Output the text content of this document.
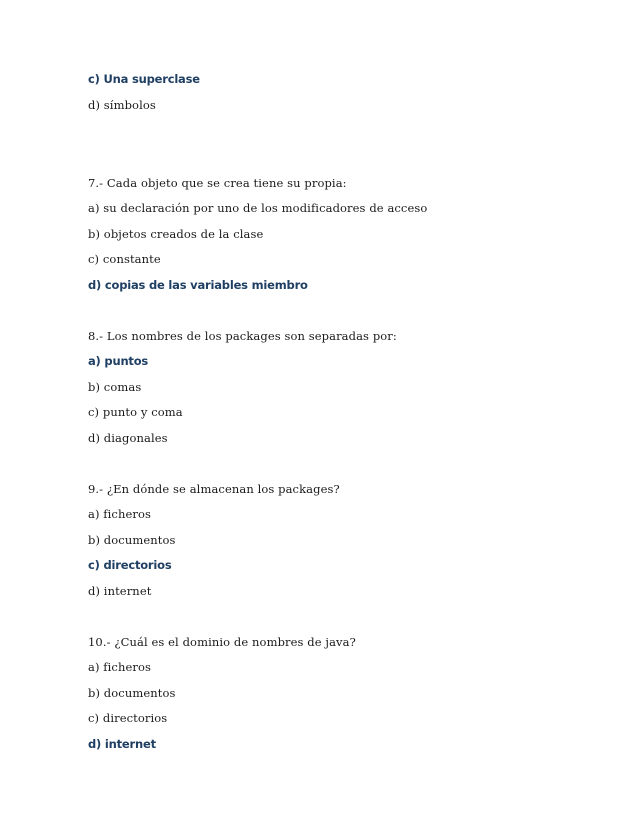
c) Una superclase
d) símbolos
7.- Cada objeto que se crea tiene su propia:
a) su declaración por uno de los modificadores de acceso
b) objetos creados de la clase
c) constante
d) copias de las variables miembro
8.- Los nombres de los packages son separadas por:
a) puntos
b) comas
c) punto y coma
d) diagonales
9.- ¿En dónde se almacenan los packages?
a) ficheros
b) documentos
c) directorios
d) internet
10.- ¿Cuál es el dominio de nombres de java?
a) ficheros
b) documentos
c) directorios
d) internet
